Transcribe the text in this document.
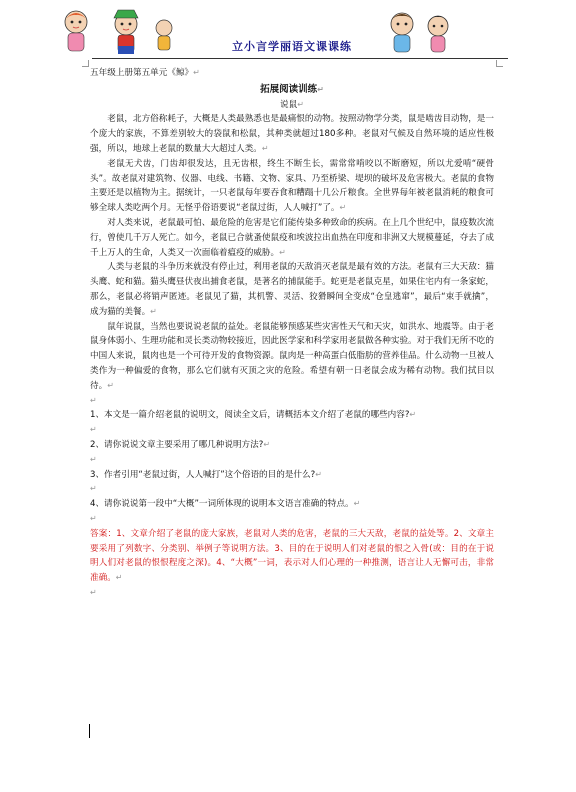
立小言学丽语文课课练

五年级上册第五单元《鲸》↵

拓展阅读训练↵

说鼠↵

老鼠，北方俗称耗子，大概是人类最熟悉也是最痛恨的动物。按照动物学分类，鼠是啮齿目动物，是一个庞大的家族，不算差别较大的袋鼠和松鼠，其种类就超过180多种。老鼠对气候及自然环境的适应性极强，所以，地球上老鼠的数量大大超过人类。↵

老鼠无犬齿，门齿却很发达，且无齿根，终生不断生长，需常常啃咬以不断磨短，所以尤爱啃“硬骨头”。故老鼠对建筑物、仪器、电线、书籍、文物、家具、乃至桥梁、堤坝的破坏及危害极大。老鼠的食物主要还是以植物为主。据统计，一只老鼠每年要吞食和糟蹋十几公斤粮食。全世界每年被老鼠消耗的粮食可够全球人类吃两个月。无怪乎俗语要说“老鼠过街，人人喊打”了。↵

对人类来说，老鼠最可怕、最危险的危害是它们能传染多种致命的疾病。在上几个世纪中，鼠疫数次流行，曾使几千万人死亡。如今，老鼠已合就蚤使鼠疫和埃波拉出血热在印度和非洲又大规模蔓延，夺去了成千上万人的生命，人类又一次面临着瘟疫的威胁。↵

人类与老鼠的斗争历来就没有停止过，利用老鼠的天敌消灭老鼠是最有效的方法。老鼠有三大天敌：猫头鹰、蛇和猫。猫头鹰昼伏夜出捕食老鼠，是著名的捕鼠能手。蛇更是老鼠克星，如果住宅内有一条家蛇，那么，老鼠必将销声匿迹。老鼠见了猫，其机警、灵活、狡猾瞬间全变成“仓皇逃窜”，最后“束手就擒”，成为猫的美餐。↵

鼠年说鼠，当然也要说说老鼠的益处。老鼠能够预感某些灾害性天气和天灾，如洪水、地震等。由于老鼠身体弱小、生理功能和灵长类动物较接近，因此医学家和科学家用老鼠做各种实验。对于我们无所不吃的中国人来说，鼠肉也是一个可待开发的食物资源。鼠肉是一种高蛋白低脂肪的营养佳品。什么动物一旦被人类作为一种偏爱的食物，那么它们就有灭顶之灾的危险。希望有朝一日老鼠会成为稀有动物。我们拭目以待。↵

↵

1、本文是一篇介绍老鼠的说明文，阅读全文后，请概括本文介绍了老鼠的哪些内容?↵

↵

2、请你说说文章主要采用了哪几种说明方法?↵

↵

3、作者引用“老鼠过街，人人喊打”这个俗语的目的是什么?↵

↵

4、请你说说第一段中“大概”一词所体现的说明本文语言准确的特点。↵

↵

答案：1、文章介绍了老鼠的庞大家族，老鼠对人类的危害，老鼠的三大天敌，老鼠的益处等。2、文章主要采用了列数字、分类别、举例子等说明方法。3、目的在于说明人们对老鼠的恨之入骨(或：目的在于说明人们对老鼠的恨恨程度之深)。4、“大概”一词，表示对人们心理的一种推测，语言让人无懈可击，非常准确。↵

↵
